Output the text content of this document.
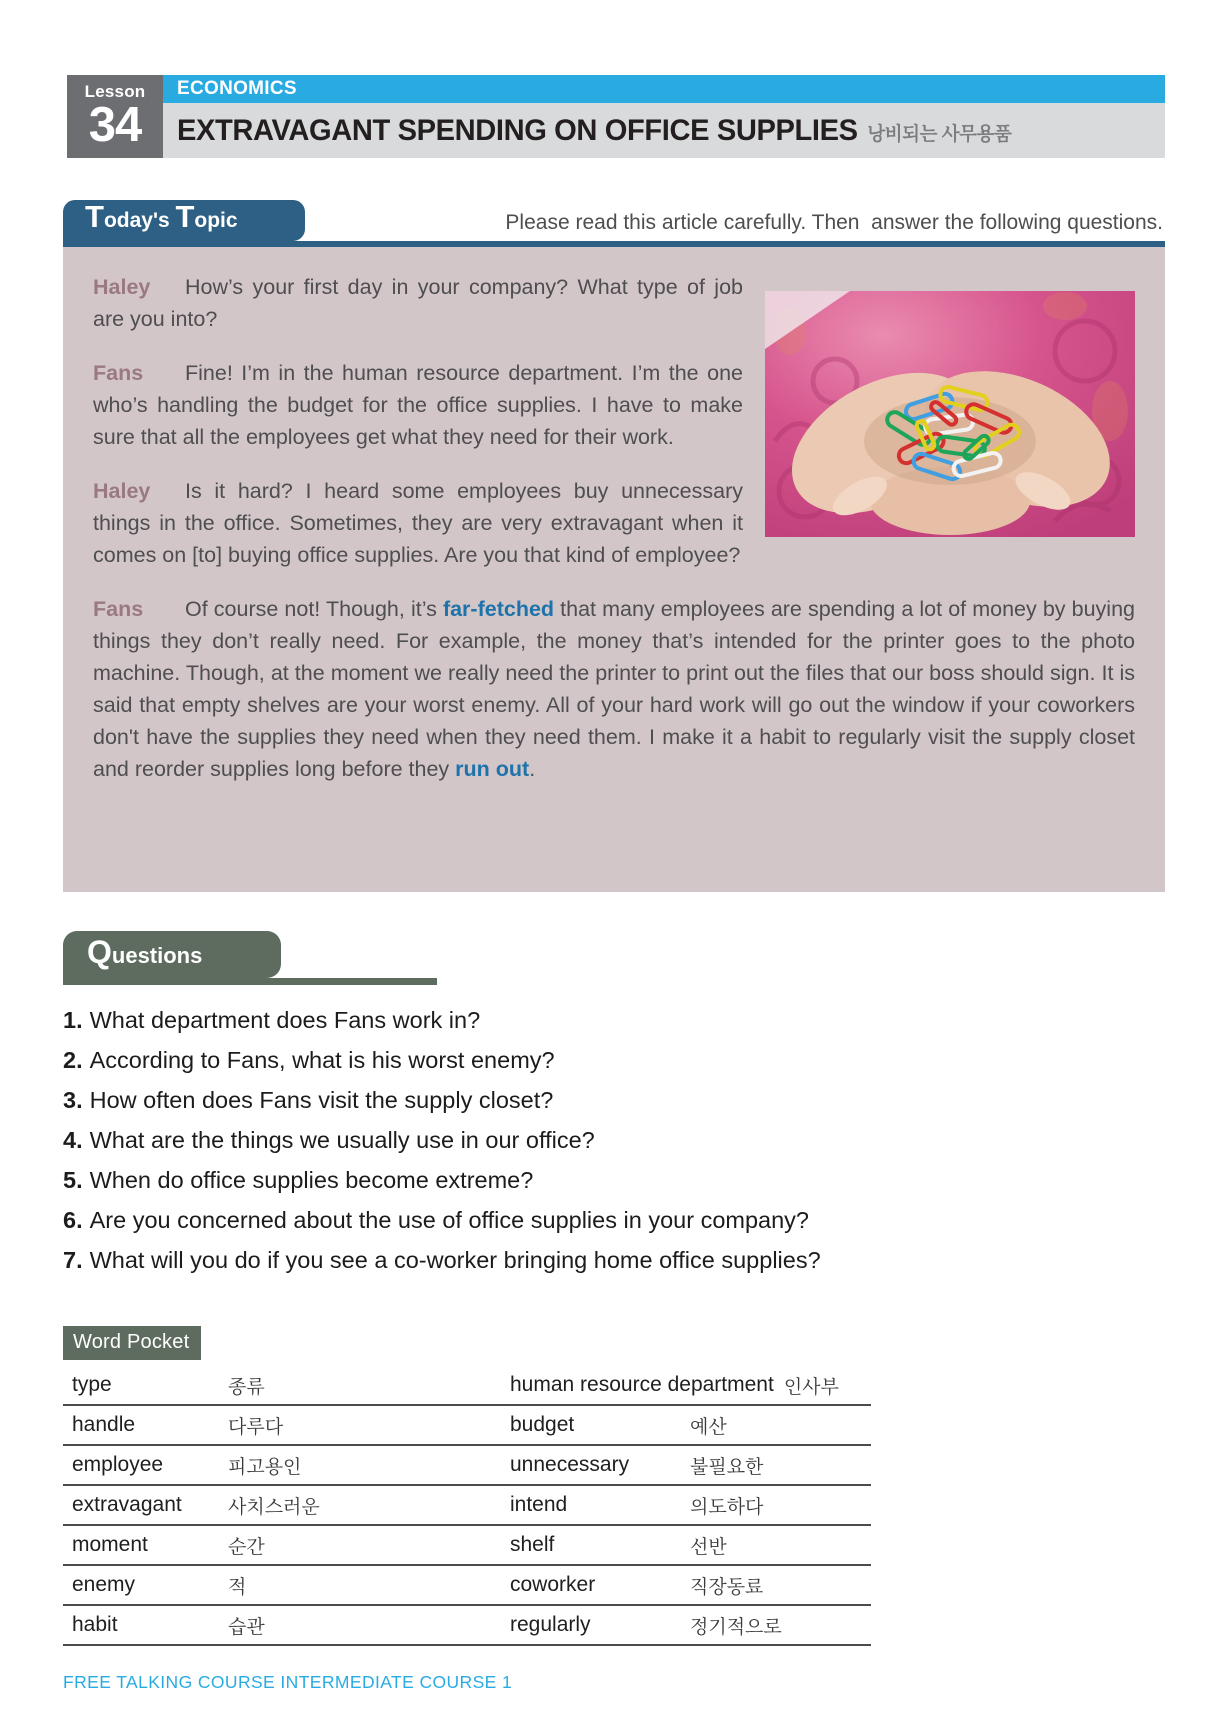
Lesson
34
ECONOMICS
EXTRAVAGANT SPENDING ON OFFICE SUPPLIES 낭비되는 사무용품
Today's Topic	Please read this article carefully. Then  answer the following questions.

Haley How’s your first day in your company? What type of job are you into?

Fans Fine! I’m in the human resource department. I’m the one who’s handling the budget for the office supplies. I have to make sure that all the employees get what they need for their work.

Haley Is it hard? I heard some employees buy unnecessary things in the office. Sometimes, they are very extravagant when it comes on [to] buying office supplies. Are you that kind of employee?

Fans Of course not! Though, it’s far-fetched that many employees are spending a lot of money by buying things they don’t really need. For example, the money that’s intended for the printer goes to the photo machine. Though, at the moment we really need the printer to print out the files that our boss should sign. It is said that empty shelves are your worst enemy. All of your hard work will go out the window if your coworkers don't have the supplies they need when they need them. I make it a habit to regularly visit the supply closet and reorder supplies long before they run out.

Questions
1. What department does Fans work in?
2. According to Fans, what is his worst enemy?
3. How often does Fans visit the supply closet?
4. What are the things we usually use in our office?
5. When do office supplies become extreme?
6. Are you concerned about the use of office supplies in your company?
7. What will you do if you see a co-worker bringing home office supplies?
Word Pocket
type	종류	human resource department 인사부
handle	다루다	budget	예산
employee	피고용인	unnecessary	불필요한
extravagant	사치스러운	intend	의도하다
moment	순간	shelf	선반
enemy	적	coworker	직장동료
habit	습관	regularly	정기적으로
FREE TALKING COURSE INTERMEDIATE COURSE 1
